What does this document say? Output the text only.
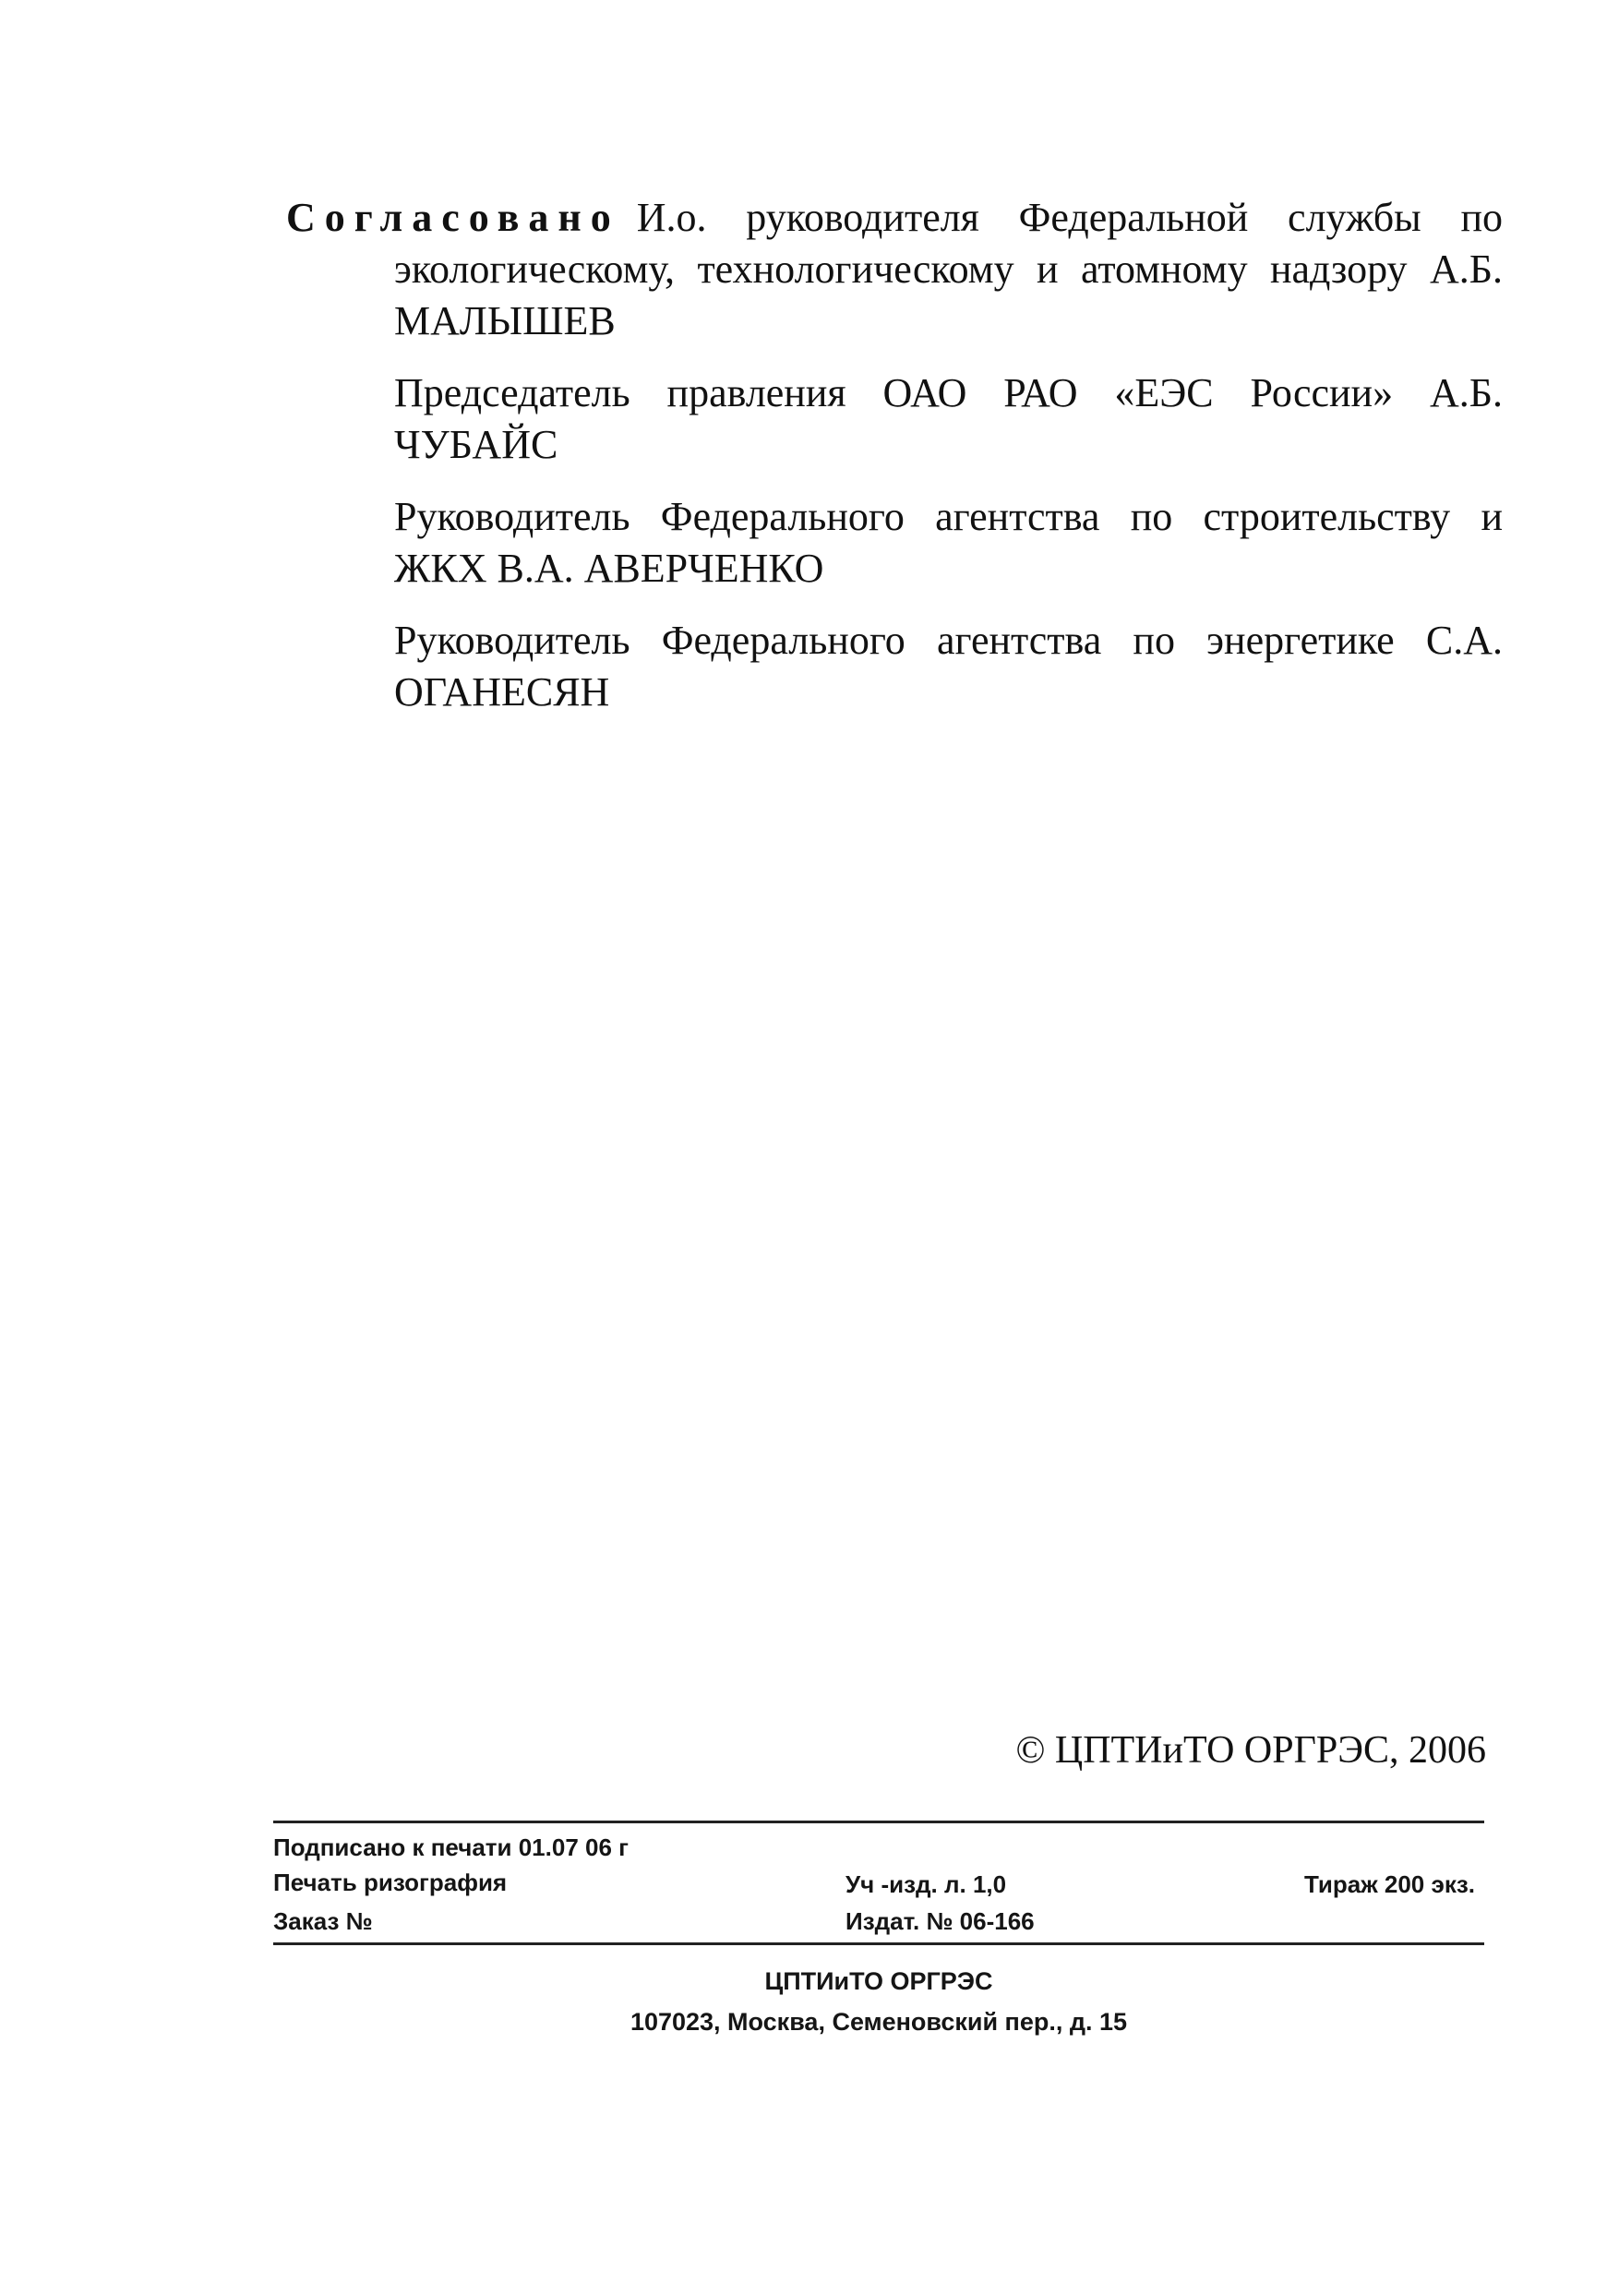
Согласовано И.о. руководителя Федеральной службы по экологическому, технологическому и атомному надзору А.Б. МАЛЫШЕВ

Председатель правления ОАО РАО «ЕЭС России» А.Б. ЧУБАЙС

Руководитель Федерального агентства по строительству и ЖКХ В.А. АВЕРЧЕНКО

Руководитель Федерального агентства по энергетике С.А. ОГАНЕСЯН

© ЦПТИиТО ОРГРЭС, 2006
Подписано к печати 01.07 06 г
Печать ризография
Заказ №
Уч -изд. л. 1,0
Издат. № 06-166
Тираж 200 экз.
ЦПТИиТО ОРГРЭС
107023, Москва, Семеновский пер., д. 15
